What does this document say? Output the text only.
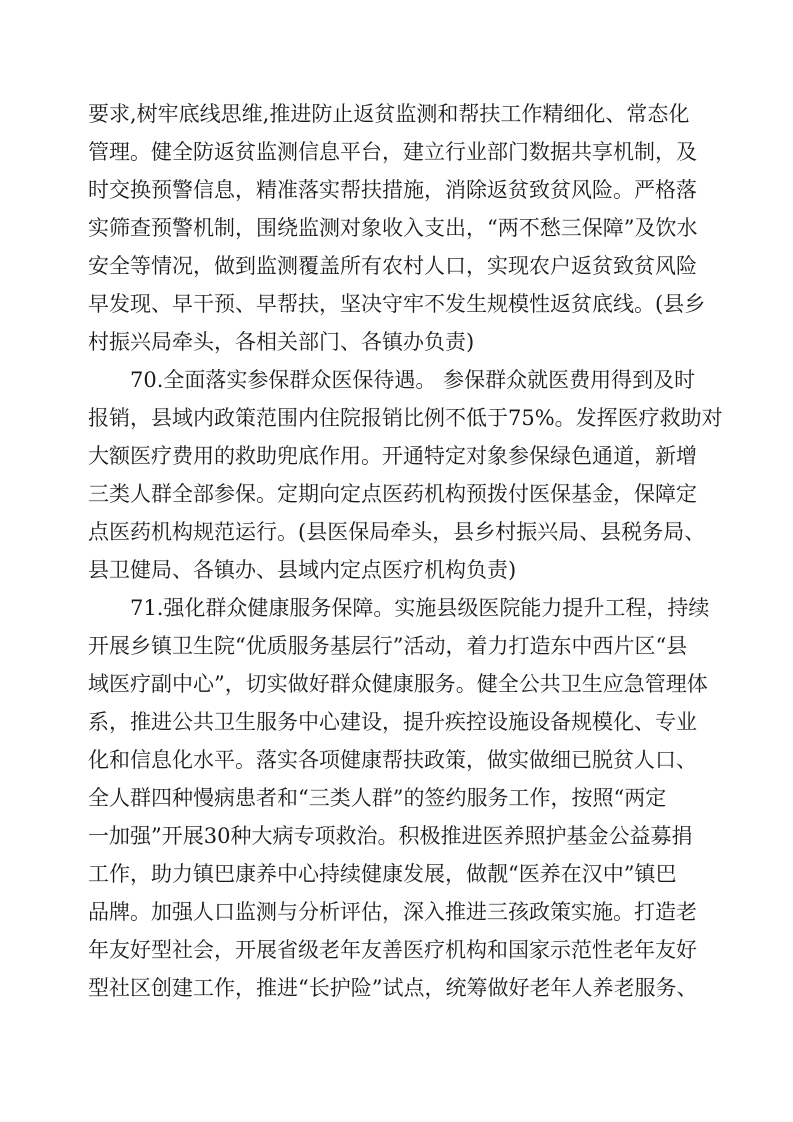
要求,树牢底线思维,推进防止返贫监测和帮扶工作精细化、常态化
管理。健全防返贫监测信息平台，建立行业部门数据共享机制，及
时交换预警信息，精准落实帮扶措施，消除返贫致贫风险。严格落
实筛查预警机制，围绕监测对象收入支出，“两不愁三保障”及饮水
安全等情况，做到监测覆盖所有农村人口，实现农户返贫致贫风险
早发现、早干预、早帮扶，坚决守牢不发生规模性返贫底线。(县乡
村振兴局牵头，各相关部门、各镇办负责)
70.全面落实参保群众医保待遇。 参保群众就医费用得到及时
报销，县域内政策范围内住院报销比例不低于75%。发挥医疗救助对
大额医疗费用的救助兜底作用。开通特定对象参保绿色通道，新增
三类人群全部参保。定期向定点医药机构预拨付医保基金，保障定
点医药机构规范运行。(县医保局牵头，县乡村振兴局、县税务局、
县卫健局、各镇办、县域内定点医疗机构负责)
71.强化群众健康服务保障。实施县级医院能力提升工程，持续
开展乡镇卫生院“优质服务基层行”活动，着力打造东中西片区“县
域医疗副中心”，切实做好群众健康服务。健全公共卫生应急管理体
系，推进公共卫生服务中心建设，提升疾控设施设备规模化、专业
化和信息化水平。落实各项健康帮扶政策，做实做细已脱贫人口、
全人群四种慢病患者和“三类人群”的签约服务工作，按照“两定
一加强”开展30种大病专项救治。积极推进医养照护基金公益募捐
工作，助力镇巴康养中心持续健康发展，做靓“医养在汉中”镇巴
品牌。加强人口监测与分析评估，深入推进三孩政策实施。打造老
年友好型社会，开展省级老年友善医疗机构和国家示范性老年友好
型社区创建工作，推进“长护险”试点，统筹做好老年人养老服务、
